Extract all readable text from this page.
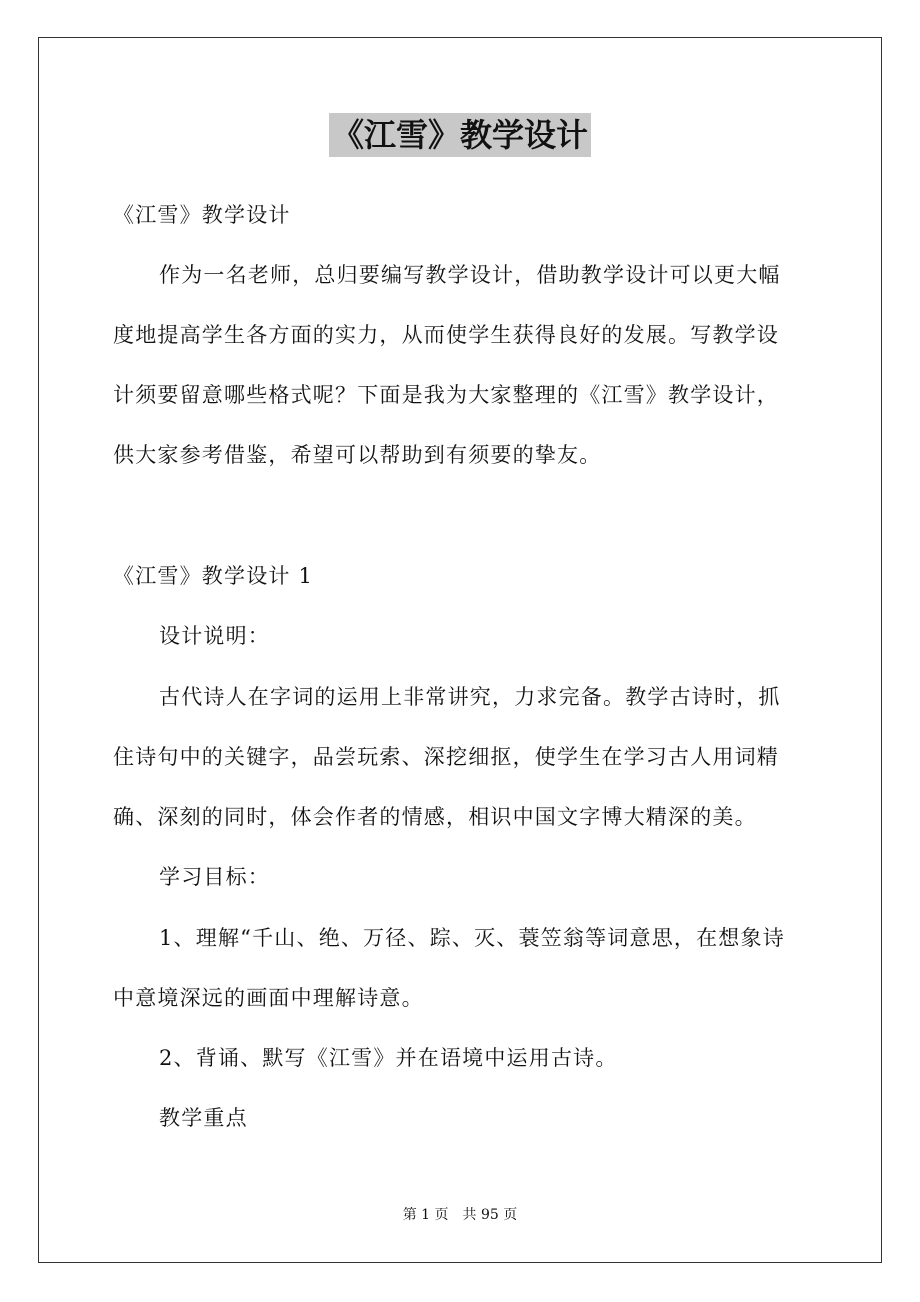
《江雪》教学设计
《江雪》教学设计
作为一名老师，总归要编写教学设计，借助教学设计可以更大幅
度地提高学生各方面的实力，从而使学生获得良好的发展。写教学设
计须要留意哪些格式呢？下面是我为大家整理的《江雪》教学设计，
供大家参考借鉴，希望可以帮助到有须要的挚友。
《江雪》教学设计 1
设计说明：
古代诗人在字词的运用上非常讲究，力求完备。教学古诗时，抓
住诗句中的关键字，品尝玩索、深挖细抠，使学生在学习古人用词精
确、深刻的同时，体会作者的情感，相识中国文字博大精深的美。
学习目标：
1、理解“千山、绝、万径、踪、灭、蓑笠翁等词意思，在想象诗
中意境深远的画面中理解诗意。
2、背诵、默写《江雪》并在语境中运用古诗。
教学重点
第 1 页 共 95 页
